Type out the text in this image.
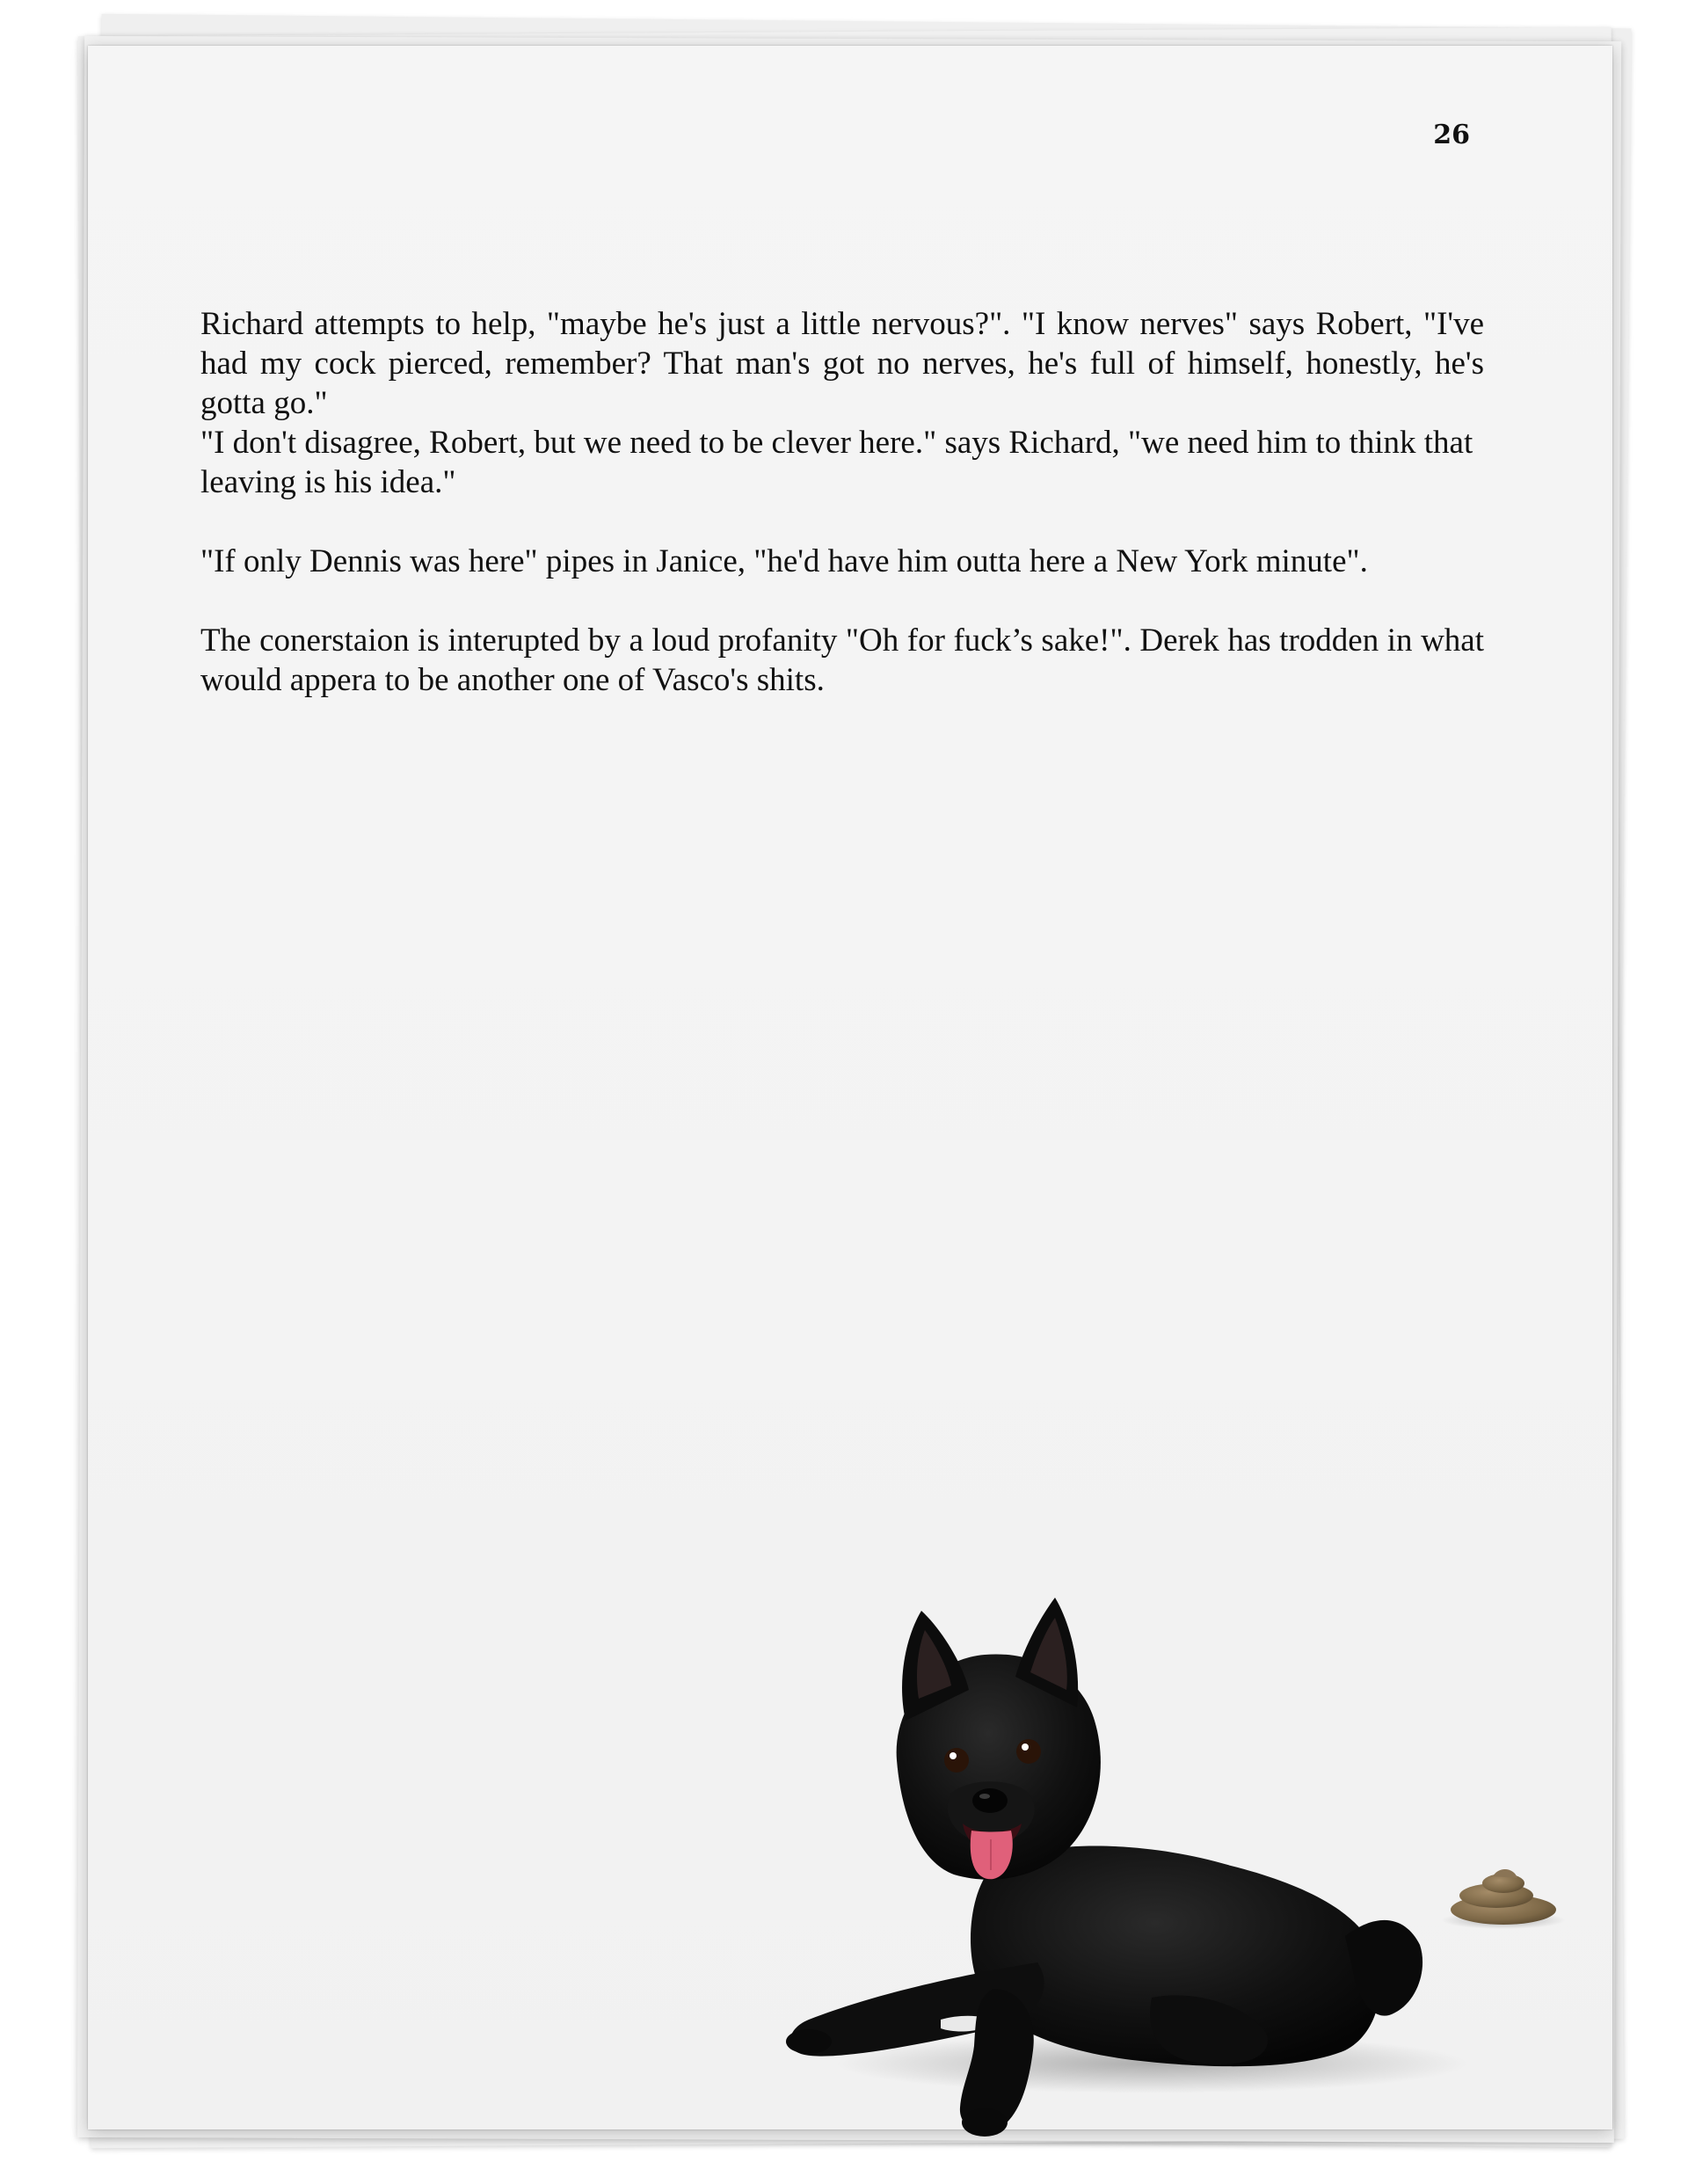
26

Richard attempts to help, "maybe he's just a little nervous?". "I know nerves" says Robert, "I've had my cock pierced, remember? That man's got no nerves, he's full of himself, honestly, he's gotta go."

"I don't disagree, Robert, but we need to be clever here." says Richard, "we need him to think that leaving is his idea."

"If only Dennis was here" pipes in Janice, "he'd have him outta here a New York minute".

The conerstaion is interupted by a loud profanity "Oh for fuck’s sake!". Derek has trodden in what would appera to be another one of Vasco's shits.
